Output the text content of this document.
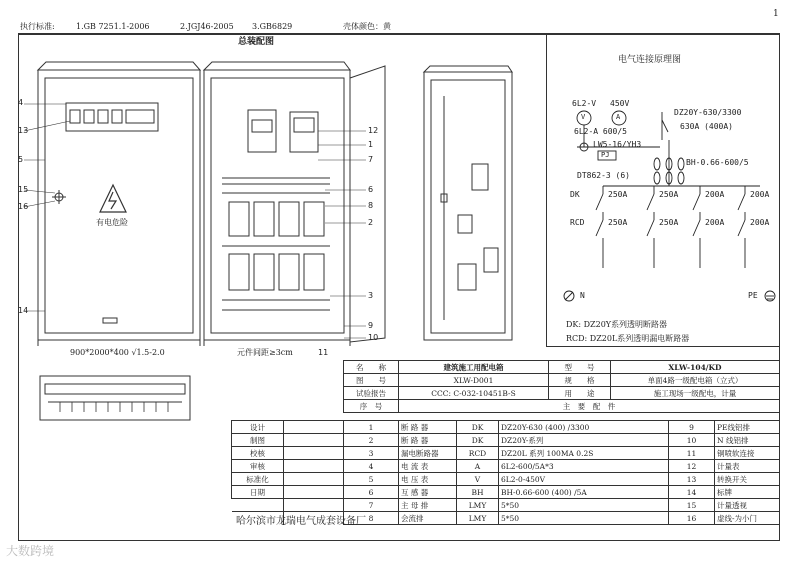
1
执行标准:	1.GB 7251.1-2006	2.JGJ46-2005 3.GB6829	壳体颜色：黄
总装配图
4
13
5
15
16
14
有电危险
900*2000*400 √1.5-2.0
12
1
7
6
8
2
3
9
10
元件间距≥3cm	11
电气连接原理图
6L2-V 450V
V	A
6L2-A 600/5
LW5-16/YH3
PJ
DT862-3 (6)
DZ20Y-630/3300
630A (400A)
BH-0.66-600/5
DK
RCD
250A	250A	200A	200A
250A	250A	200A	200A
N	PE
DK: DZ20Y系列透明断路器
RCD: DZ20L系列透明漏电断路器
名　　称	建筑施工用配电箱	型　　号	XLW-104/KD
图　　号	XLW-D001	规　　格	单面4路一级配电箱（立式）
试验报告	CCC: C-032-10451B-S	用　　途	施工现场一级配电，计量
序　号	主　要　配　件		
设计		1	断 路 器	DK	DZ20Y-630 (400) /3300	9	PE线铝排
制图		2	断 路 器	DK	DZ20Y-系列	10	N 线铝排
校核		3	漏电断路器	RCD	DZ20L 系列 100MA 0.2S	11	铜喷软连接
审核		4	电 流 表	A	6L2-600/5A*3	12	计量表
标准化		5	电 压 表	V	6L2-0-450V	13	转换开关
日期		6	互 感 器	BH	BH-0.66-600 (400) /5A	14	标牌
		7	主 母 排	LMY	5*50	15	计量透视
		8	会流排	LMY	5*50	16	虚线-为小门
哈尔滨市龙瑞电气成套设备厂
大数跨境
